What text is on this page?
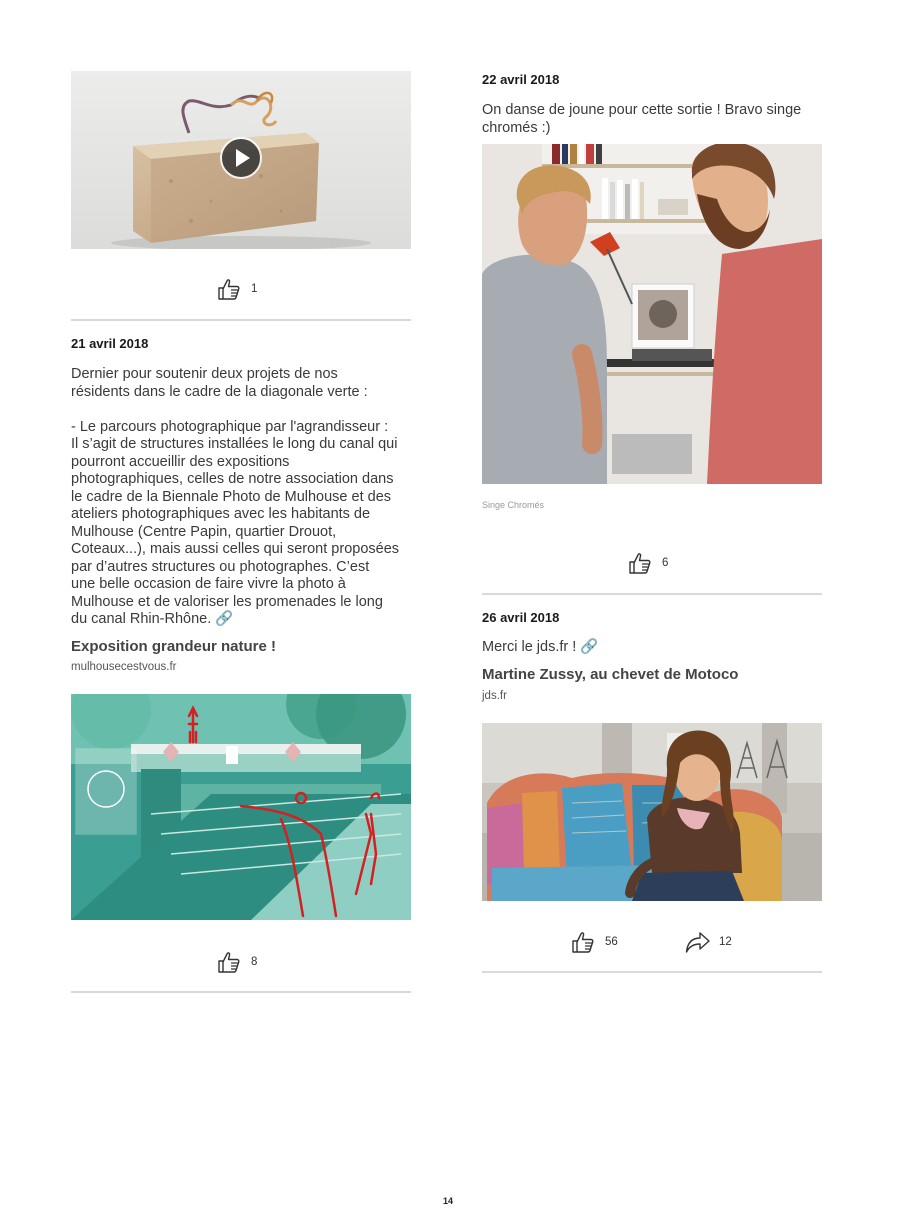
1
21 avril 2018
Dernier pour soutenir deux projets de nos
résidents dans le cadre de la diagonale verte :

- Le parcours photographique par l'agrandisseur :
Il s’agit de structures installées le long du canal qui
pourront accueillir des expositions
photographiques, celles de notre association dans
le cadre de la Biennale Photo de Mulhouse et des
ateliers photographiques avec les habitants de
Mulhouse (Centre Papin, quartier Drouot,
Coteaux...), mais aussi celles qui seront proposées
par d’autres structures ou photographes. C’est
une belle occasion de faire vivre la photo à
Mulhouse et de valoriser les promenades le long
du canal Rhin-Rhône. 🔗
Exposition grandeur nature !
mulhousecestvous.fr
8
22 avril 2018
On danse de joune pour cette sortie ! Bravo singe
chromés :)
Singe Chromés
6
26 avril 2018
Merci le jds.fr ! 🔗
Martine Zussy, au chevet de Motoco
jds.fr
56	12
14
